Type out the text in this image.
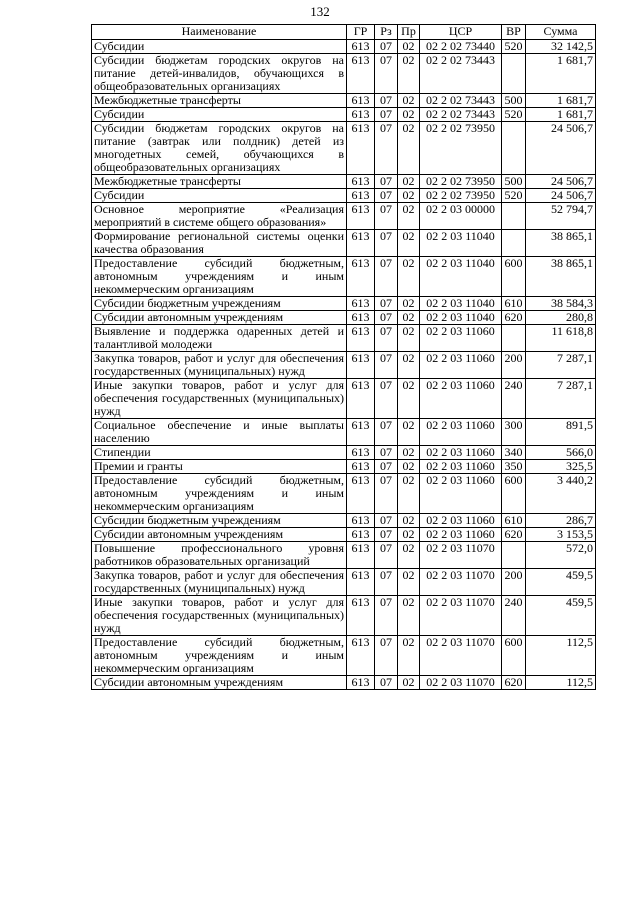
132
Наименование	ГР	Рз	Пр	ЦСР	ВР	Сумма
Субсидии	613	07	02	02 2 02 73440	520	32 142,5
Субсидии бюджетам городских округов на питание детей-инвалидов, обучающихся в общеобразовательных организациях	613	07	02	02 2 02 73443		1 681,7
Межбюджетные трансферты	613	07	02	02 2 02 73443	500	1 681,7
Субсидии	613	07	02	02 2 02 73443	520	1 681,7
Субсидии бюджетам городских округов на питание (завтрак или полдник) детей из многодетных семей, обучающихся в общеобразовательных организациях	613	07	02	02 2 02 73950		24 506,7
Межбюджетные трансферты	613	07	02	02 2 02 73950	500	24 506,7
Субсидии	613	07	02	02 2 02 73950	520	24 506,7
Основное мероприятие «Реализация мероприятий в системе общего образования»	613	07	02	02 2 03 00000		52 794,7
Формирование региональной системы оценки качества образования	613	07	02	02 2 03 11040		38 865,1
Предоставление субсидий бюджетным, автономным учреждениям и иным некоммерческим организациям	613	07	02	02 2 03 11040	600	38 865,1
Субсидии бюджетным учреждениям	613	07	02	02 2 03 11040	610	38 584,3
Субсидии автономным учреждениям	613	07	02	02 2 03 11040	620	280,8
Выявление и поддержка одаренных детей и талантливой молодежи	613	07	02	02 2 03 11060		11 618,8
Закупка товаров, работ и услуг для обеспечения государственных (муниципальных) нужд	613	07	02	02 2 03 11060	200	7 287,1
Иные закупки товаров, работ и услуг для обеспечения государственных (муниципальных) нужд	613	07	02	02 2 03 11060	240	7 287,1
Социальное обеспечение и иные выплаты населению	613	07	02	02 2 03 11060	300	891,5
Стипендии	613	07	02	02 2 03 11060	340	566,0
Премии и гранты	613	07	02	02 2 03 11060	350	325,5
Предоставление субсидий бюджетным, автономным учреждениям и иным некоммерческим организациям	613	07	02	02 2 03 11060	600	3 440,2
Субсидии бюджетным учреждениям	613	07	02	02 2 03 11060	610	286,7
Субсидии автономным учреждениям	613	07	02	02 2 03 11060	620	3 153,5
Повышение профессионального уровня работников образовательных организаций	613	07	02	02 2 03 11070		572,0
Закупка товаров, работ и услуг для обеспечения государственных (муниципальных) нужд	613	07	02	02 2 03 11070	200	459,5
Иные закупки товаров, работ и услуг для обеспечения государственных (муниципальных) нужд	613	07	02	02 2 03 11070	240	459,5
Предоставление субсидий бюджетным, автономным учреждениям и иным некоммерческим организациям	613	07	02	02 2 03 11070	600	112,5
Субсидии автономным учреждениям	613	07	02	02 2 03 11070	620	112,5
